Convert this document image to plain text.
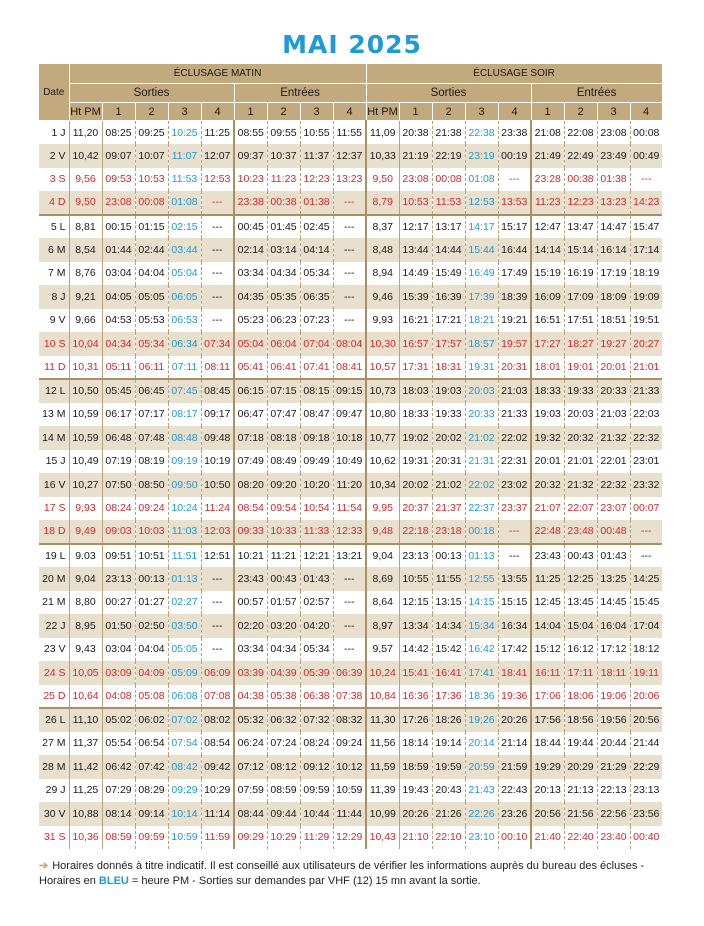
MAI 2025
Date	ÉCLUSAGE MATIN									ÉCLUSAGE SOIR								
	Sorties					Entrées				Sorties					Entrées			
	Ht PM	1	2	3	4	1	2	3	4	Ht PM	1	2	3	4	1	2	3	4
1 J	11,20	08:25	09:25	10:25	11:25	08:55	09:55	10:55	11:55	11,09	20:38	21:38	22:38	23:38	21:08	22:08	23:08	00:08
2 V	10,42	09:07	10:07	11:07	12:07	09:37	10:37	11:37	12:37	10,33	21:19	22:19	23:19	00:19	21:49	22:49	23:49	00:49
3 S	9,56	09:53	10:53	11:53	12:53	10:23	11:23	12:23	13:23	9,50	23:08	00:08	01:08	---	23:28	00:38	01:38	---
4 D	9,50	23:08	00:08	01:08	---	23:38	00:38	01:38	---	8,79	10:53	11:53	12:53	13:53	11:23	12:23	13:23	14:23
5 L	8,81	00:15	01:15	02:15	---	00:45	01:45	02:45	---	8,37	12:17	13:17	14:17	15:17	12:47	13:47	14:47	15:47
6 M	8,54	01:44	02:44	03:44	---	02:14	03:14	04:14	---	8,48	13:44	14:44	15:44	16:44	14:14	15:14	16:14	17:14
7 M	8,76	03:04	04:04	05:04	---	03:34	04:34	05:34	---	8,94	14:49	15:49	16:49	17:49	15:19	16:19	17:19	18:19
8 J	9,21	04:05	05:05	06:05	---	04:35	05:35	06:35	---	9,46	15:39	16:39	17:39	18:39	16:09	17:09	18:09	19:09
9 V	9,66	04:53	05:53	06:53	---	05:23	06:23	07:23	---	9,93	16:21	17:21	18:21	19:21	16:51	17:51	18:51	19:51
10 S	10,04	04:34	05:34	06:34	07:34	05:04	06:04	07:04	08:04	10,30	16:57	17:57	18:57	19:57	17:27	18:27	19:27	20:27
11 D	10,31	05:11	06:11	07:11	08:11	05:41	06:41	07:41	08:41	10,57	17:31	18:31	19:31	20:31	18:01	19:01	20:01	21:01
12 L	10,50	05:45	06:45	07:45	08:45	06:15	07:15	08:15	09:15	10,73	18:03	19:03	20:03	21:03	18:33	19:33	20:33	21:33
13 M	10,59	06:17	07:17	08:17	09:17	06:47	07:47	08:47	09:47	10,80	18:33	19:33	20:33	21:33	19:03	20:03	21:03	22:03
14 M	10,59	06:48	07:48	08:48	09:48	07:18	08:18	09:18	10:18	10,77	19:02	20:02	21:02	22:02	19:32	20:32	21:32	22:32
15 J	10,49	07:19	08:19	09:19	10:19	07:49	08:49	09:49	10:49	10,62	19:31	20:31	21:31	22:31	20:01	21:01	22:01	23:01
16 V	10,27	07:50	08:50	09:50	10:50	08:20	09:20	10:20	11:20	10,34	20:02	21:02	22:02	23:02	20:32	21:32	22:32	23:32
17 S	9,93	08:24	09:24	10:24	11:24	08:54	09:54	10:54	11:54	9,95	20:37	21:37	22:37	23:37	21:07	22:07	23:07	00:07
18 D	9,49	09:03	10:03	11:03	12:03	09:33	10:33	11:33	12:33	9,48	22:18	23:18	00:18	---	22:48	23:48	00:48	---
19 L	9.03	09:51	10:51	11:51	12:51	10:21	11:21	12:21	13:21	9,04	23:13	00:13	01:13	---	23:43	00:43	01:43	---
20 M	9,04	23:13	00:13	01:13	---	23:43	00:43	01:43	---	8,69	10:55	11:55	12:55	13:55	11:25	12:25	13:25	14:25
21 M	8,80	00:27	01:27	02:27	---	00:57	01:57	02:57	---	8,64	12:15	13:15	14:15	15:15	12:45	13:45	14:45	15:45
22 J	8,95	01:50	02:50	03:50	---	02:20	03:20	04:20	---	8,97	13:34	14:34	15:34	16:34	14:04	15:04	16:04	17:04
23 V	9,43	03:04	04:04	05:05	---	03:34	04:34	05:34	---	9,57	14:42	15:42	16:42	17:42	15:12	16:12	17:12	18:12
24 S	10,05	03:09	04:09	05:09	06:09	03:39	04:39	05:39	06:39	10,24	15:41	16:41	17:41	18:41	16:11	17:11	18:11	19:11
25 D	10,64	04:08	05:08	06:08	07:08	04:38	05:38	06:38	07:38	10,84	16:36	17:36	18:36	19:36	17:06	18:06	19:06	20:06
26 L	11,10	05:02	06:02	07:02	08:02	05:32	06:32	07:32	08:32	11,30	17:26	18:26	19:26	20:26	17:56	18:56	19:56	20:56
27 M	11,37	05:54	06:54	07:54	08:54	06:24	07:24	08:24	09:24	11,56	18:14	19:14	20:14	21:14	18:44	19:44	20:44	21:44
28 M	11,42	06:42	07:42	08:42	09:42	07:12	08:12	09:12	10:12	11,59	18:59	19:59	20:59	21:59	19:29	20:29	21:29	22:29
29 J	11,25	07:29	08:29	09:29	10:29	07:59	08:59	09:59	10:59	11,39	19:43	20:43	21:43	22:43	20:13	21:13	22:13	23:13
30 V	10,88	08:14	09:14	10:14	11:14	08:44	09:44	10:44	11:44	10,99	20:26	21:26	22:26	23:26	20:56	21:56	22:56	23:56
31 S	10,36	08:59	09:59	10:59	11:59	09:29	10:29	11:29	12:29	10,43	21:10	22:10	23:10	00:10	21:40	22:40	23:40	00:40
➔ Horaires donnés à titre indicatif. Il est conseillé aux utilisateurs de vérifier les informations auprès du bureau des écluses - Horaires en BLEU = heure PM - Sorties sur demandes par VHF (12) 15 mn avant la sortie.
